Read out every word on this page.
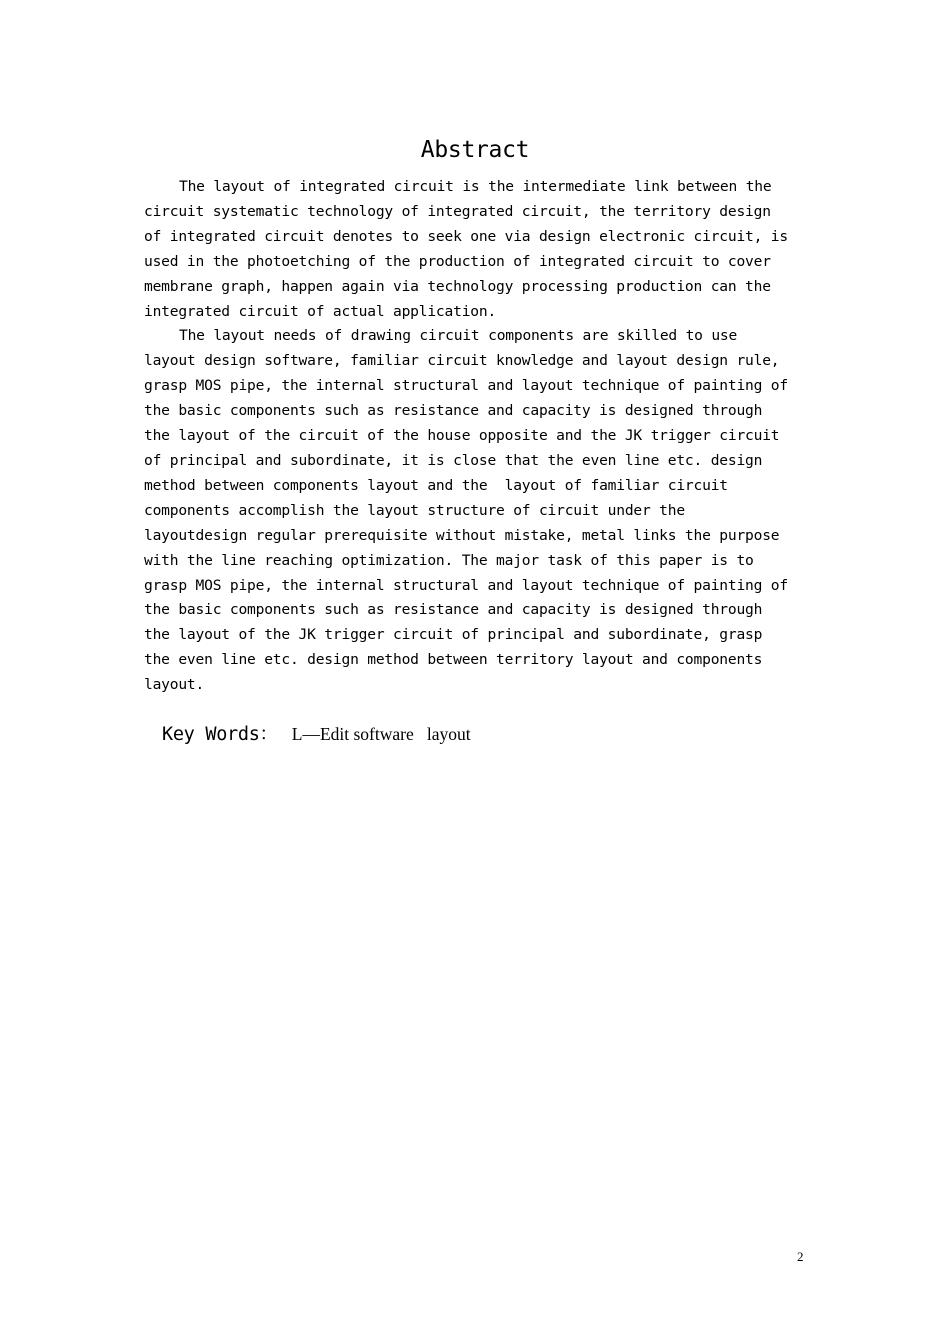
Abstract
The layout of integrated circuit is the intermediate link between the
circuit systematic technology of integrated circuit, the territory design
of integrated circuit denotes to seek one via design electronic circuit, is
used in the photoetching of the production of integrated circuit to cover
membrane graph, happen again via technology processing production can the
integrated circuit of actual application.
The layout needs of drawing circuit components are skilled to use
layout design software, familiar circuit knowledge and layout design rule,
grasp MOS pipe, the internal structural and layout technique of painting of
the basic components such as resistance and capacity is designed through
the layout of the circuit of the house opposite and the JK trigger circuit
of principal and subordinate, it is close that the even line etc. design
method between components layout and the  layout of familiar circuit
components accomplish the layout structure of circuit under the
layoutdesign regular prerequisite without mistake, metal links the purpose
with the line reaching optimization. The major task of this paper is to
grasp MOS pipe, the internal structural and layout technique of painting of
the basic components such as resistance and capacity is designed through
the layout of the JK trigger circuit of principal and subordinate, grasp
the even line etc. design method between territory layout and components
layout.
Key Words： L—Edit software   layout
2
